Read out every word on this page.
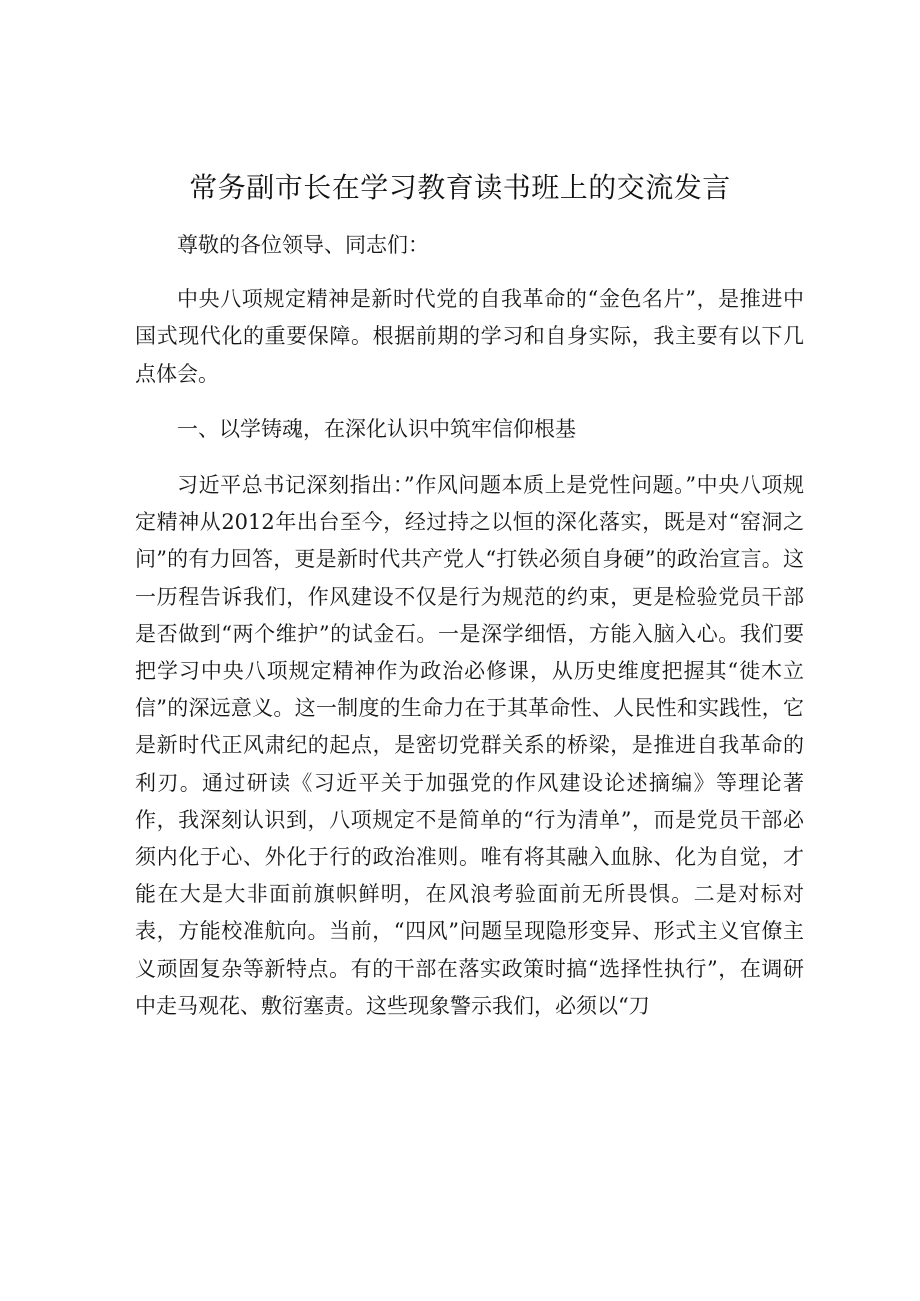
常务副市长在学习教育读书班上的交流发言

尊敬的各位领导、同志们：

中央八项规定精神是新时代党的自我革命的“金色名片”，是推进中国式现代化的重要保障。根据前期的学习和自身实际，我主要有以下几点体会。

一、以学铸魂，在深化认识中筑牢信仰根基

习近平总书记深刻指出：”作风问题本质上是党性问题。”中央八项规定精神从2012年出台至今，经过持之以恒的深化落实，既是对“窑洞之问”的有力回答，更是新时代共产党人“打铁必须自身硬”的政治宣言。这一历程告诉我们，作风建设不仅是行为规范的约束，更是检验党员干部是否做到“两个维护”的试金石。一是深学细悟，方能入脑入心。我们要把学习中央八项规定精神作为政治必修课，从历史维度把握其“徙木立信”的深远意义。这一制度的生命力在于其革命性、人民性和实践性，它是新时代正风肃纪的起点，是密切党群关系的桥梁，是推进自我革命的利刃。通过研读《习近平关于加强党的作风建设论述摘编》等理论著作，我深刻认识到，八项规定不是简单的“行为清单”，而是党员干部必须内化于心、外化于行的政治准则。唯有将其融入血脉、化为自觉，才能在大是大非面前旗帜鲜明，在风浪考验面前无所畏惧。二是对标对表，方能校准航向。当前，“四风”问题呈现隐形变异、形式主义官僚主义顽固复杂等新特点。有的干部在落实政策时搞“选择性执行”，在调研中走马观花、敷衍塞责。这些现象警示我们，必须以“刀
